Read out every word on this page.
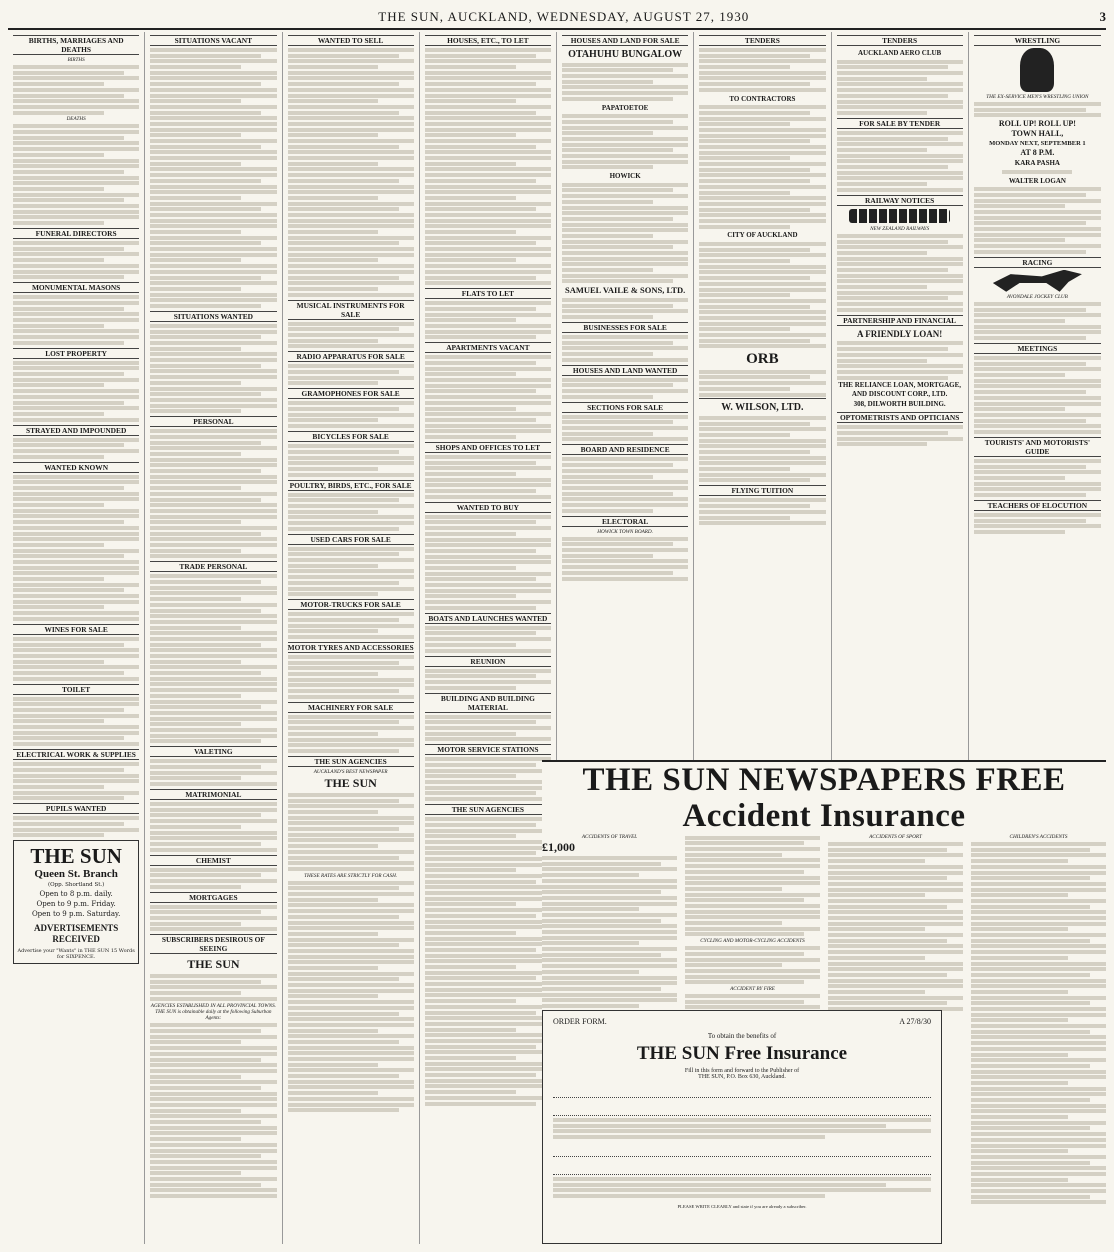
THE SUN, AUCKLAND, WEDNESDAY, AUGUST 27, 1930	3
BIRTHS, MARRIAGES AND DEATHS
BIRTHS
DEATHS
FUNERAL DIRECTORS
MONUMENTAL MASONS
LOST PROPERTY
STRAYED AND IMPOUNDED
WANTED KNOWN
WINES FOR SALE
TOILET
ELECTRICAL WORK & SUPPLIES
PUPILS WANTED
THE SUN
Queen St. Branch
(Opp. Shortland St.)
Open to 8 p.m. daily.
Open to 9 p.m. Friday.
Open to 9 p.m. Saturday.
ADVERTISEMENTS RECEIVED
Advertise your "Wants" in THE SUN 15 Words for SIXPENCE.
SITUATIONS VACANT
SITUATIONS WANTED
PERSONAL
TRADE PERSONAL
VALETING
MATRIMONIAL
CHEMIST
MORTGAGES
SUBSCRIBERS DESIROUS OF SEEING
THE SUN
AGENCIES ESTABLISHED IN ALL PROVINCIAL TOWNS.
THE SUN is obtainable daily at the following Suburban Agents:
WANTED TO SELL
MUSICAL INSTRUMENTS FOR SALE
RADIO APPARATUS FOR SALE
GRAMOPHONES FOR SALE
BICYCLES FOR SALE
POULTRY, BIRDS, ETC., FOR SALE
USED CARS FOR SALE
MOTOR-TRUCKS FOR SALE
MOTOR TYRES AND ACCESSORIES
MACHINERY FOR SALE
THE SUN AGENCIES
AUCKLAND'S BEST NEWSPAPER
THE SUN
THESE RATES ARE STRICTLY FOR CASH.
HOUSES, ETC., TO LET
FLATS TO LET
APARTMENTS VACANT
SHOPS AND OFFICES TO LET
WANTED TO BUY
BOATS AND LAUNCHES WANTED
REUNION
BUILDING AND BUILDING MATERIAL
MOTOR SERVICE STATIONS
THE SUN AGENCIES
HOUSES AND LAND FOR SALE
OTAHUHU BUNGALOW
PAPATOETOE
HOWICK
SAMUEL VAILE & SONS, LTD.
BUSINESSES FOR SALE
HOUSES AND LAND WANTED
SECTIONS FOR SALE
BOARD AND RESIDENCE
ELECTORAL
HOWICK TOWN BOARD.
TENDERS
TO CONTRACTORS
CITY OF AUCKLAND
ORB
W. WILSON, LTD.
FLYING TUITION
TENDERS
AUCKLAND AERO CLUB
FOR SALE BY TENDER
RAILWAY NOTICES
NEW ZEALAND RAILWAYS
PARTNERSHIP AND FINANCIAL
A FRIENDLY LOAN!
THE RELIANCE LOAN, MORTGAGE, AND DISCOUNT CORP., LTD.
308, DILWORTH BUILDING.
OPTOMETRISTS AND OPTICIANS
WRESTLING
THE EX-SERVICE MEN'S WRESTLING UNION
ROLL UP! ROLL UP!
TOWN HALL,
MONDAY NEXT, SEPTEMBER 1
AT 8 P.M.
KARA PASHA
WALTER LOGAN
RACING
AVONDALE JOCKEY CLUB
MEETINGS
TOURISTS' AND MOTORISTS' GUIDE
TEACHERS OF ELOCUTION
THE SUN NEWSPAPERS FREE Accident Insurance
ACCIDENTS OF TRAVEL
£1,000
CYCLING AND MOTOR-CYCLING ACCIDENTS
ACCIDENT BY FIRE
ACCIDENTS OF SPORT	CHILDREN'S ACCIDENTS
ORDER FORM.	A 27/8/30
To obtain the benefits of
THE SUN Free Insurance
Fill in this form and forward to the Publisher of
THE SUN, P.O. Box 630, Auckland.
PLEASE WRITE CLEARLY and state if you are already a subscriber.
